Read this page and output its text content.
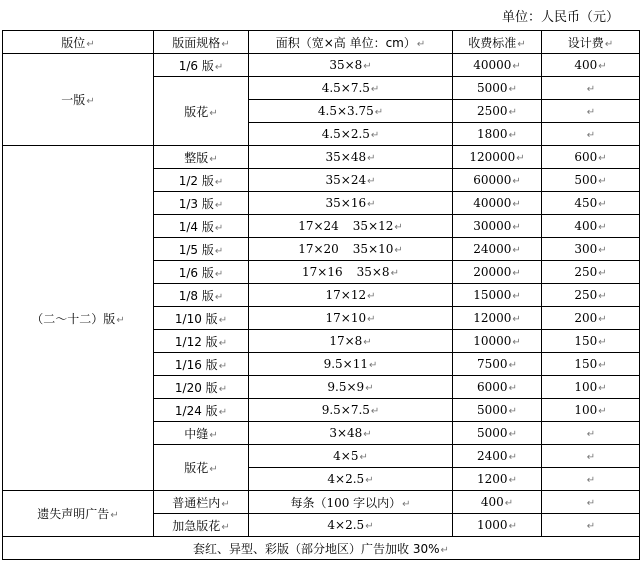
单位：人民币（元）
版位↵	版面规格↵	面积（宽×高 单位：cm）↵	收费标准↵	设计费↵
一版↵	1/6 版↵	35×8↵	40000↵	400↵
	版花↵	4.5×7.5↵	5000↵	↵
		4.5×3.75↵	2500↵	↵
		4.5×2.5↵	1800↵	↵
（二～十二）版↵	整版↵	35×48↵	120000↵	600↵
	1/2 版↵	35×24↵	60000↵	500↵
	1/3 版↵	35×16↵	40000↵	450↵
	1/4 版↵	17×24 35×12↵	30000↵	400↵
	1/5 版↵	17×20 35×10↵	24000↵	300↵
	1/6 版↵	17×16 35×8↵	20000↵	250↵
	1/8 版↵	17×12↵	15000↵	250↵
	1/10 版↵	17×10↵	12000↵	200↵
	1/12 版↵	17×8↵	10000↵	150↵
	1/16 版↵	9.5×11↵	7500↵	150↵
	1/20 版↵	9.5×9↵	6000↵	100↵
	1/24 版↵	9.5×7.5↵	5000↵	100↵
	中缝↵	3×48↵	5000↵	↵
	版花↵	4×5↵	2400↵	↵
		4×2.5↵	1200↵	↵
遗失声明广告↵	普通栏内↵	每条（100 字以内）↵	400↵	↵
	加急版花↵	4×2.5↵	1000↵	↵
套红、异型、彩版（部分地区）广告加收 30%↵				
